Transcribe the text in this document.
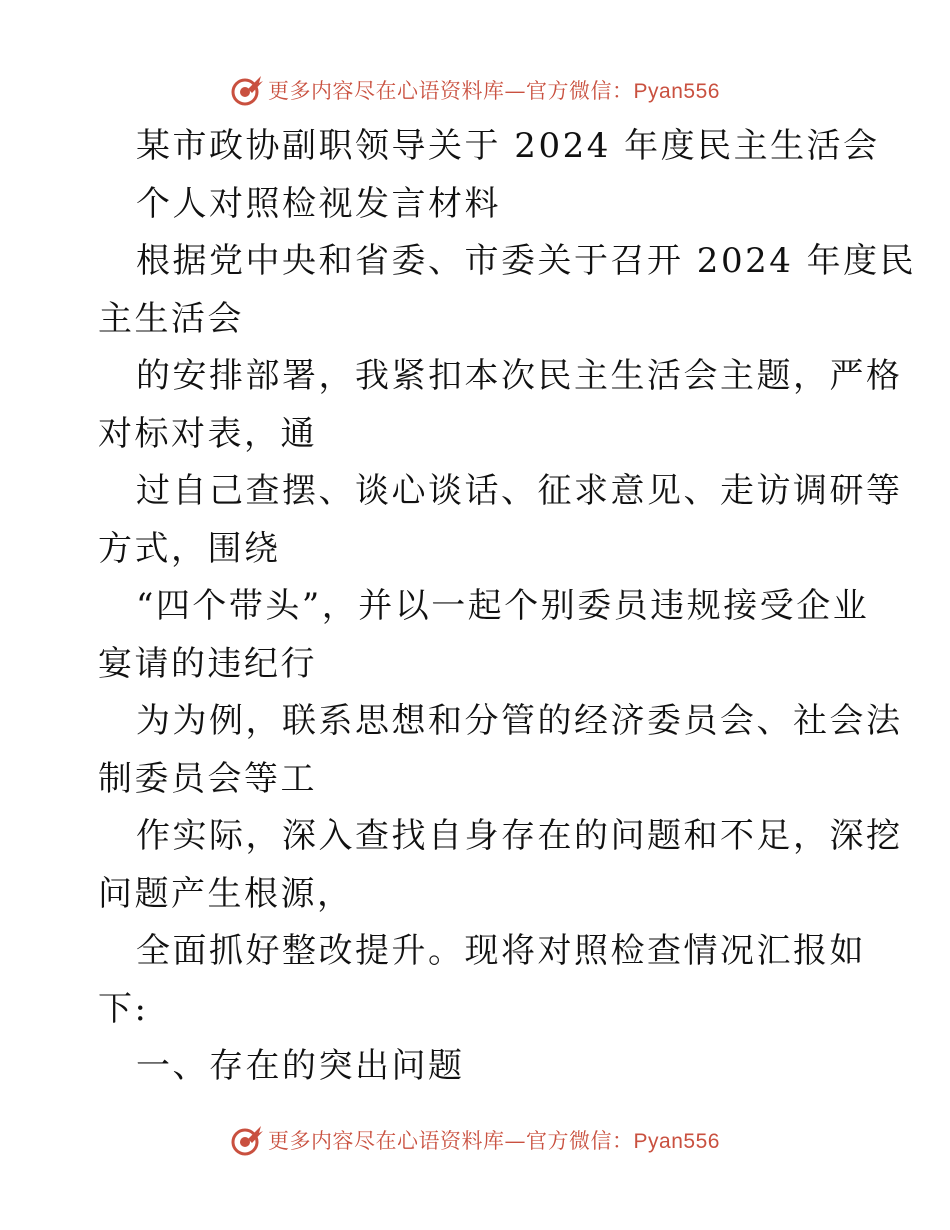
更多内容尽在心语资料库—官方微信：Pyan556
某市政协副职领导关于 2024 年度民主生活会
个人对照检视发言材料
根据党中央和省委、市委关于召开 2024 年度民
主生活会
的安排部署，我紧扣本次民主生活会主题，严格
对标对表，通
过自己查摆、谈心谈话、征求意见、走访调研等
方式，围绕
“四个带头”，并以一起个别委员违规接受企业
宴请的违纪行
为为例，联系思想和分管的经济委员会、社会法
制委员会等工
作实际，深入查找自身存在的问题和不足，深挖
问题产生根源，
全面抓好整改提升。现将对照检查情况汇报如
下:
一、存在的突出问题
更多内容尽在心语资料库—官方微信：Pyan556
